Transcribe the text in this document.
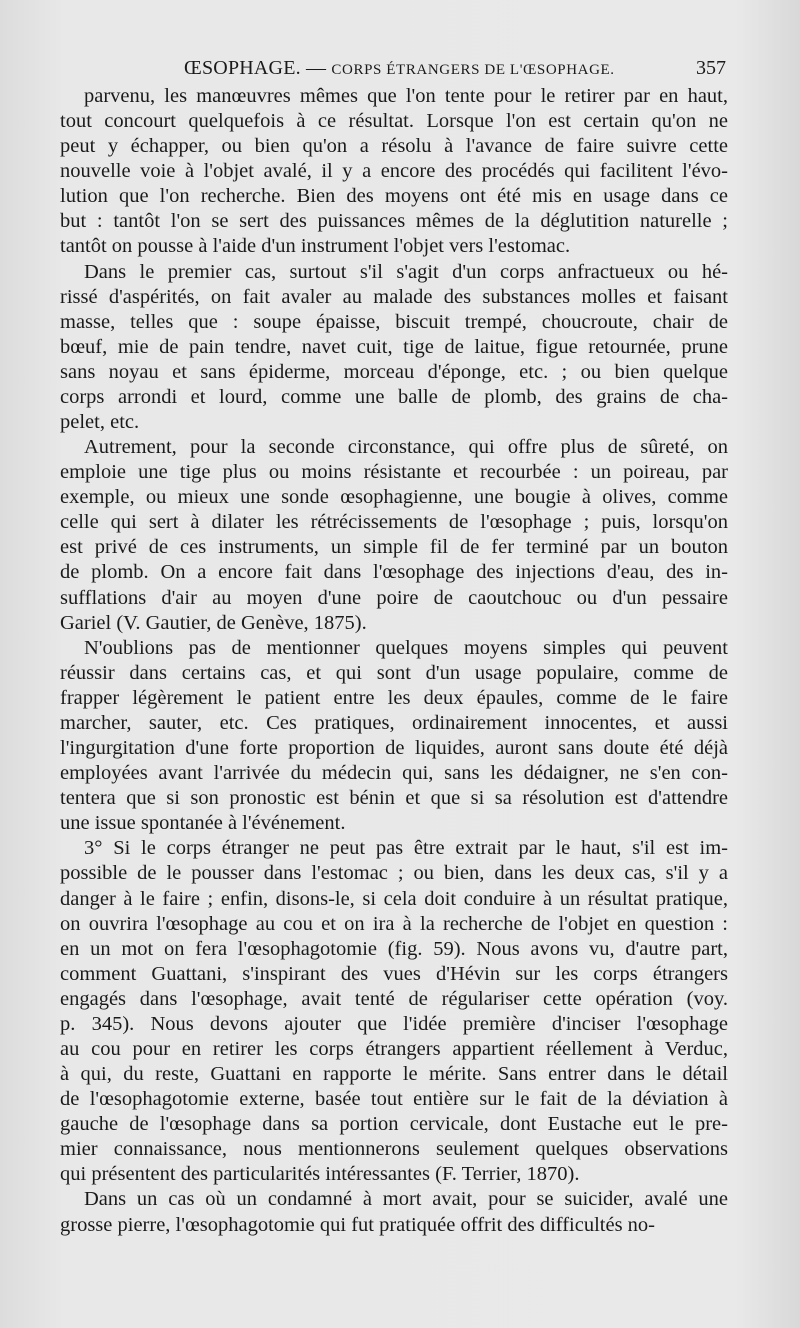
ŒSOPHAGE. — CORPS ÉTRANGERS DE L'ŒSOPHAGE.	357
parvenu, les manœuvres mêmes que l'on tente pour le retirer par en haut,
tout concourt quelquefois à ce résultat. Lorsque l'on est certain qu'on ne
peut y échapper, ou bien qu'on a résolu à l'avance de faire suivre cette
nouvelle voie à l'objet avalé, il y a encore des procédés qui facilitent l'évo-
lution que l'on recherche. Bien des moyens ont été mis en usage dans ce
but : tantôt l'on se sert des puissances mêmes de la déglutition naturelle ;
tantôt on pousse à l'aide d'un instrument l'objet vers l'estomac.
Dans le premier cas, surtout s'il s'agit d'un corps anfractueux ou hé-
rissé d'aspérités, on fait avaler au malade des substances molles et faisant
masse, telles que : soupe épaisse, biscuit trempé, choucroute, chair de
bœuf, mie de pain tendre, navet cuit, tige de laitue, figue retournée, prune
sans noyau et sans épiderme, morceau d'éponge, etc. ; ou bien quelque
corps arrondi et lourd, comme une balle de plomb, des grains de cha-
pelet, etc.
Autrement, pour la seconde circonstance, qui offre plus de sûreté, on
emploie une tige plus ou moins résistante et recourbée : un poireau, par
exemple, ou mieux une sonde œsophagienne, une bougie à olives, comme
celle qui sert à dilater les rétrécissements de l'œsophage ; puis, lorsqu'on
est privé de ces instruments, un simple fil de fer terminé par un bouton
de plomb. On a encore fait dans l'œsophage des injections d'eau, des in-
sufflations d'air au moyen d'une poire de caoutchouc ou d'un pessaire
Gariel (V. Gautier, de Genève, 1875).
N'oublions pas de mentionner quelques moyens simples qui peuvent
réussir dans certains cas, et qui sont d'un usage populaire, comme de
frapper légèrement le patient entre les deux épaules, comme de le faire
marcher, sauter, etc. Ces pratiques, ordinairement innocentes, et aussi
l'ingurgitation d'une forte proportion de liquides, auront sans doute été déjà
employées avant l'arrivée du médecin qui, sans les dédaigner, ne s'en con-
tentera que si son pronostic est bénin et que si sa résolution est d'attendre
une issue spontanée à l'événement.
3° Si le corps étranger ne peut pas être extrait par le haut, s'il est im-
possible de le pousser dans l'estomac ; ou bien, dans les deux cas, s'il y a
danger à le faire ; enfin, disons-le, si cela doit conduire à un résultat pratique,
on ouvrira l'œsophage au cou et on ira à la recherche de l'objet en question :
en un mot on fera l'œsophagotomie (fig. 59). Nous avons vu, d'autre part,
comment Guattani, s'inspirant des vues d'Hévin sur les corps étrangers
engagés dans l'œsophage, avait tenté de régulariser cette opération (voy.
p. 345). Nous devons ajouter que l'idée première d'inciser l'œsophage
au cou pour en retirer les corps étrangers appartient réellement à Verduc,
à qui, du reste, Guattani en rapporte le mérite. Sans entrer dans le détail
de l'œsophagotomie externe, basée tout entière sur le fait de la déviation à
gauche de l'œsophage dans sa portion cervicale, dont Eustache eut le pre-
mier connaissance, nous mentionnerons seulement quelques observations
qui présentent des particularités intéressantes (F. Terrier, 1870).
Dans un cas où un condamné à mort avait, pour se suicider, avalé une
grosse pierre, l'œsophagotomie qui fut pratiquée offrit des difficultés no-
